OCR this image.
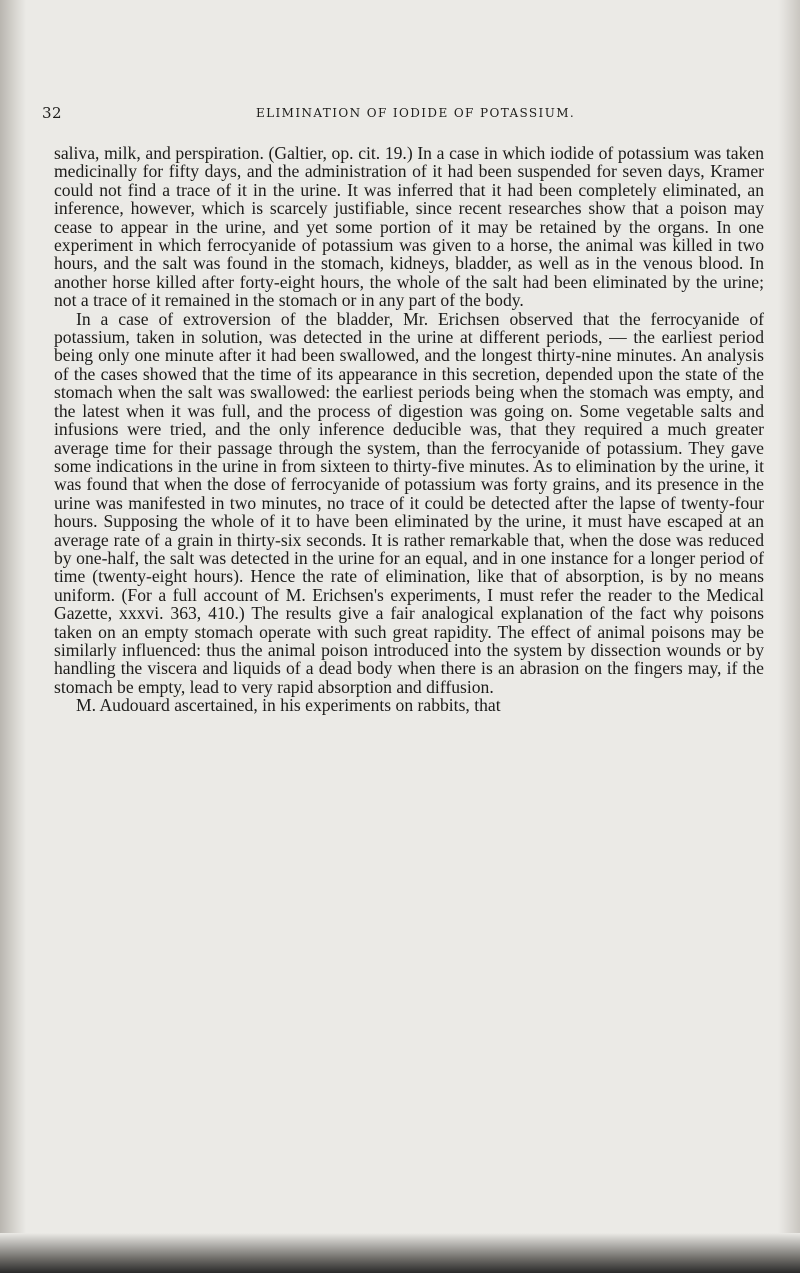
32	ELIMINATION OF IODIDE OF POTASSIUM.

saliva, milk, and perspiration. (Galtier, op. cit. 19.) In a case in which iodide of potassium was taken medicinally for fifty days, and the administration of it had been suspended for seven days, Kramer could not find a trace of it in the urine. It was inferred that it had been completely eliminated, an inference, however, which is scarcely justifiable, since recent researches show that a poison may cease to appear in the urine, and yet some portion of it may be retained by the organs. In one experiment in which ferrocyanide of potassium was given to a horse, the animal was killed in two hours, and the salt was found in the stomach, kidneys, bladder, as well as in the venous blood. In another horse killed after forty-eight hours, the whole of the salt had been eliminated by the urine; not a trace of it remained in the stomach or in any part of the body.

In a case of extroversion of the bladder, Mr. Erichsen observed that the ferrocyanide of potassium, taken in solution, was detected in the urine at different periods, — the earliest period being only one minute after it had been swallowed, and the longest thirty-nine minutes. An analysis of the cases showed that the time of its appearance in this secretion, depended upon the state of the stomach when the salt was swallowed: the earliest periods being when the stomach was empty, and the latest when it was full, and the process of digestion was going on. Some vegetable salts and infusions were tried, and the only inference deducible was, that they required a much greater average time for their passage through the system, than the ferrocyanide of potassium. They gave some indications in the urine in from sixteen to thirty-five minutes. As to elimination by the urine, it was found that when the dose of ferrocyanide of potassium was forty grains, and its presence in the urine was manifested in two minutes, no trace of it could be detected after the lapse of twenty-four hours. Supposing the whole of it to have been eliminated by the urine, it must have escaped at an average rate of a grain in thirty-six seconds. It is rather remarkable that, when the dose was reduced by one-half, the salt was detected in the urine for an equal, and in one instance for a longer period of time (twenty-eight hours). Hence the rate of elimination, like that of absorption, is by no means uniform. (For a full account of M. Erichsen's experiments, I must refer the reader to the Medical Gazette, xxxvi. 363, 410.) The results give a fair analogical explanation of the fact why poisons taken on an empty stomach operate with such great rapidity. The effect of animal poisons may be similarly influenced: thus the animal poison introduced into the system by dissection wounds or by handling the viscera and liquids of a dead body when there is an abrasion on the fingers may, if the stomach be empty, lead to very rapid absorption and diffusion.

M. Audouard ascertained, in his experiments on rabbits, that
